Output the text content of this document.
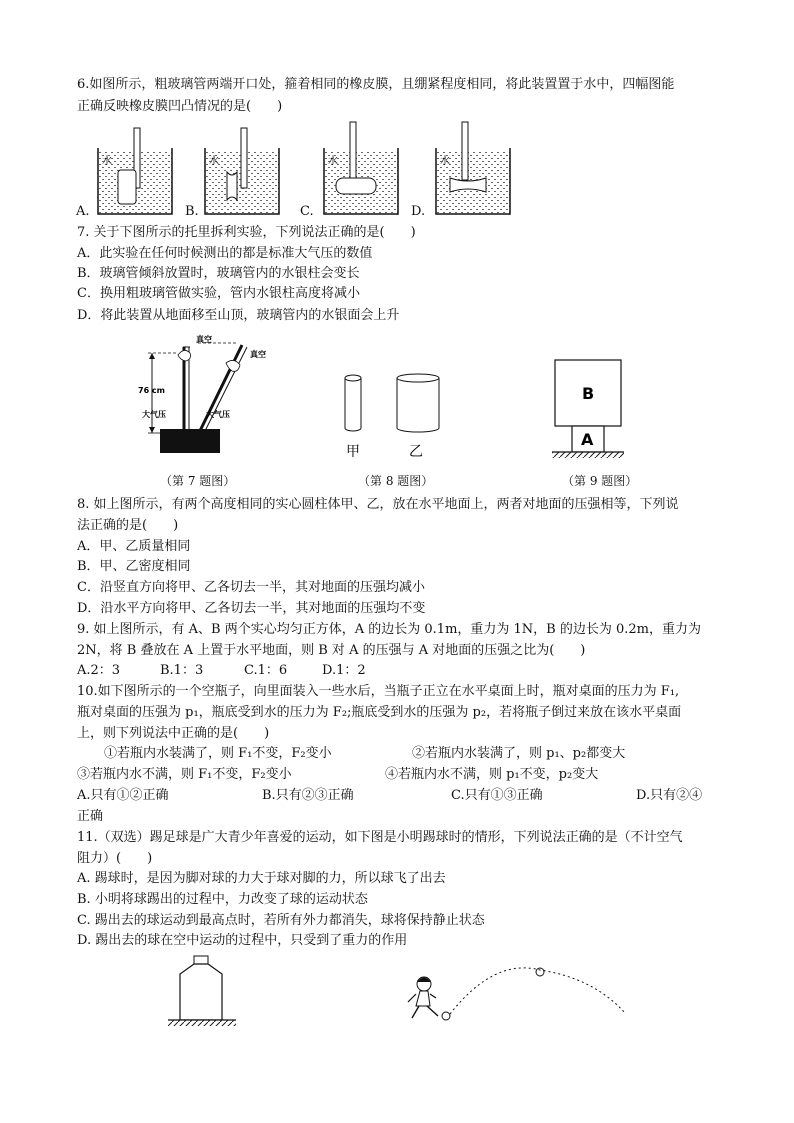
6.如图所示，粗玻璃管两端开口处，箍着相同的橡皮膜，且绷紧程度相同，将此装置置于水中，四幅图能
正确反映橡皮膜凹凸情况的是(　　)
水
A.
水
B.
水
C.
水
D.
7. 关于下图所示的托里拆利实验，下列说法正确的是(　　)
A．此实验在任何时候测出的都是标准大气压的数值
B．玻璃管倾斜放置时，玻璃管内的水银柱会变长
C．换用粗玻璃管做实验，管内水银柱高度将减小
D．将此装置从地面移至山顶，玻璃管内的水银面会上升
真空
真空
76 cm
大气压	大气压
甲	乙
B
A
（第 7 题图）	（第 8 题图）	（第 9 题图）
8. 如上图所示，有两个高度相同的实心圆柱体甲、乙，放在水平地面上，两者对地面的压强相等，下列说
法正确的是(　　)
A．甲、乙质量相同
B．甲、乙密度相同
C．沿竖直方向将甲、乙各切去一半，其对地面的压强均减小
D．沿水平方向将甲、乙各切去一半，其对地面的压强均不变
9. 如上图所示，有 A、B 两个实心均匀正方体，A 的边长为 0.1m，重力为 1N，B 的边长为 0.2m，重力为
2N，将 B 叠放在 A 上置于水平地面，则 B 对 A 的压强与 A 对地面的压强之比为(　　)
A.2：3	B.1：3	C.1：6	D.1：2
10.如下图所示的一个空瓶子，向里面装入一些水后，当瓶子正立在水平桌面上时，瓶对桌面的压力为 F₁,
瓶对桌面的压强为 p₁，瓶底受到水的压力为 F₂;瓶底受到水的压强为 p₂，若将瓶子倒过来放在该水平桌面
上，则下列说法中正确的是(　　)
①若瓶内水装满了，则 F₁不变，F₂变小	②若瓶内水装满了，则 p₁、p₂都变大
③若瓶内水不满，则 F₁不变，F₂变小	④若瓶内水不满，则 p₁不变，p₂变大
A.只有①②正确	B.只有②③正确	C.只有①③正确	D.只有②④
正确
11.（双选）踢足球是广大青少年喜爱的运动，如下图是小明踢球时的情形，下列说法正确的是（不计空气
阻力）(　　)
A. 踢球时，是因为脚对球的力大于球对脚的力，所以球飞了出去
B. 小明将球踢出的过程中，力改变了球的运动状态
C. 踢出去的球运动到最高点时，若所有外力都消失，球将保持静止状态
D. 踢出去的球在空中运动的过程中，只受到了重力的作用
